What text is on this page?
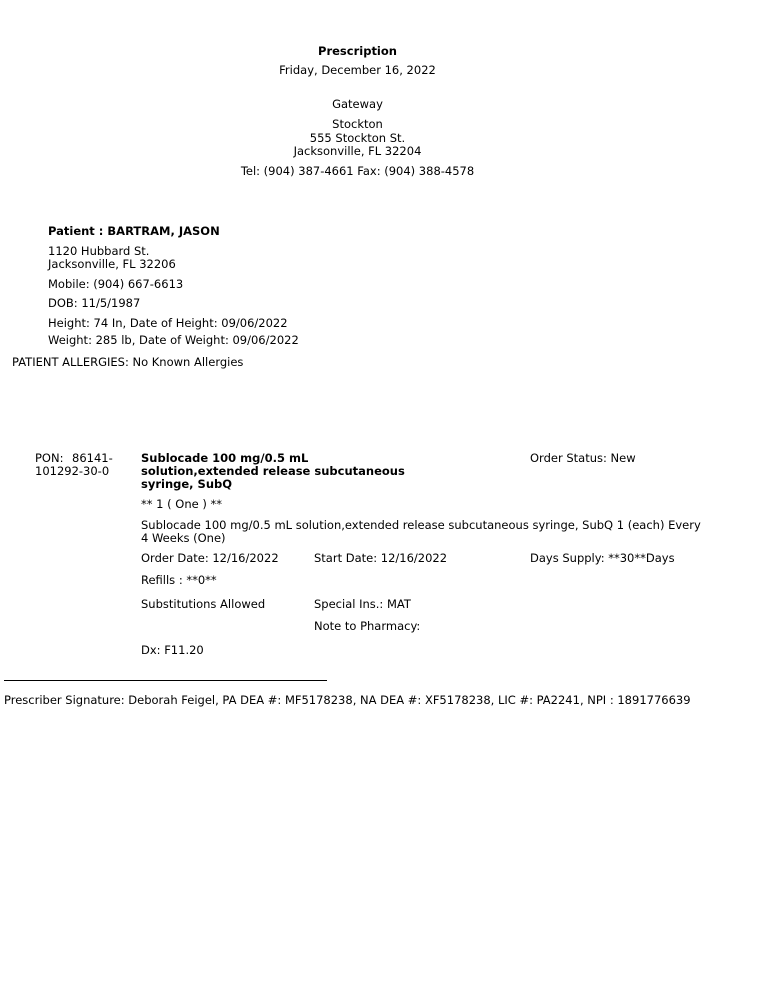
Prescription
Friday, December 16, 2022
Gateway
Stockton
555 Stockton St.
Jacksonville, FL 32204
Tel: (904) 387-4661 Fax: (904) 388-4578
Patient : BARTRAM, JASON
1120 Hubbard St.
Jacksonville, FL 32206
Mobile: (904) 667-6613
DOB: 11/5/1987
Height: 74 In, Date of Height: 09/06/2022
Weight: 285 lb, Date of Weight: 09/06/2022
PATIENT ALLERGIES: No Known Allergies
PON: 86141-
101292-30-0
Sublocade 100 mg/0.5 mL
solution,extended release subcutaneous
syringe, SubQ
Order Status: New
** 1 ( One ) **
Sublocade 100 mg/0.5 mL solution,extended release subcutaneous syringe, SubQ 1 (each) Every 4 Weeks (One)
Order Date: 12/16/2022	Start Date: 12/16/2022	Days Supply: **30**Days
Refills : **0**
Substitutions Allowed	Special Ins.: MAT
Note to Pharmacy:
Dx: F11.20
Prescriber Signature: Deborah Feigel, PA DEA #: MF5178238, NA DEA #: XF5178238, LIC #: PA2241, NPI : 1891776639
